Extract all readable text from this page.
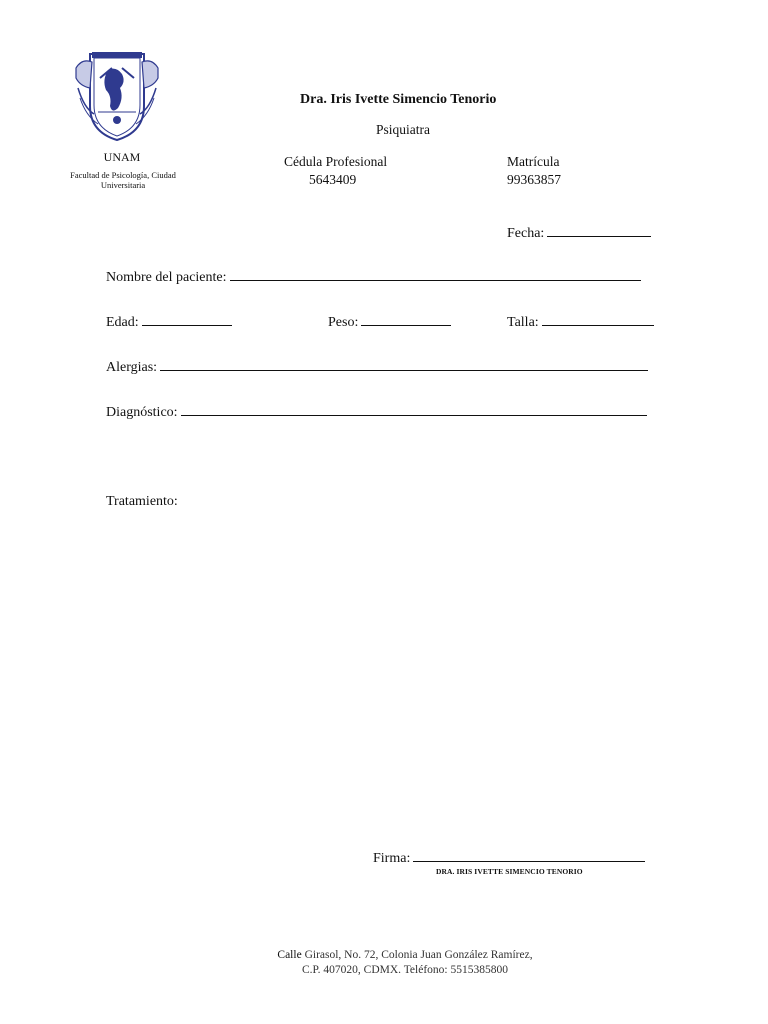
UNAM
Facultad de Psicología, Ciudad Universitaria
Dra. Iris Ivette Simencio Tenorio
Psiquiatra
Cédula Profesional
5643409
Matrícula
99363857
Fecha:
Nombre del paciente:
Edad:	Peso:	Talla:
Alergias:
Diagnóstico:
Tratamiento:
Firma:
DRA. IRIS IVETTE SIMENCIO TENORIO
Calle Girasol, No. 72, Colonia Juan González Ramírez,
C.P. 407020, CDMX. Teléfono: 5515385800
